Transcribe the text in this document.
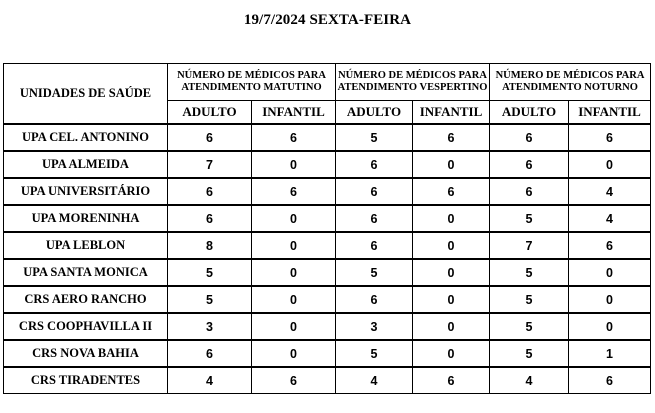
19/7/2024 SEXTA-FEIRA
UNIDADES DE SAÚDE	NÚMERO DE MÉDICOS PARA ATENDIMENTO MATUTINO		NÚMERO DE MÉDICOS PARA ATENDIMENTO VESPERTINO		NÚMERO DE MÉDICOS PARA ATENDIMENTO NOTURNO	
	ADULTO	INFANTIL	ADULTO	INFANTIL	ADULTO	INFANTIL
UPA CEL. ANTONINO	6	6	5	6	6	6
UPA ALMEIDA	7	0	6	0	6	0
UPA UNIVERSITÁRIO	6	6	6	6	6	4
UPA MORENINHA	6	0	6	0	5	4
UPA LEBLON	8	0	6	0	7	6
UPA SANTA MONICA	5	0	5	0	5	0
CRS AERO RANCHO	5	0	6	0	5	0
CRS COOPHAVILLA II	3	0	3	0	5	0
CRS NOVA BAHIA	6	0	5	0	5	1
CRS TIRADENTES	4	6	4	6	4	6
